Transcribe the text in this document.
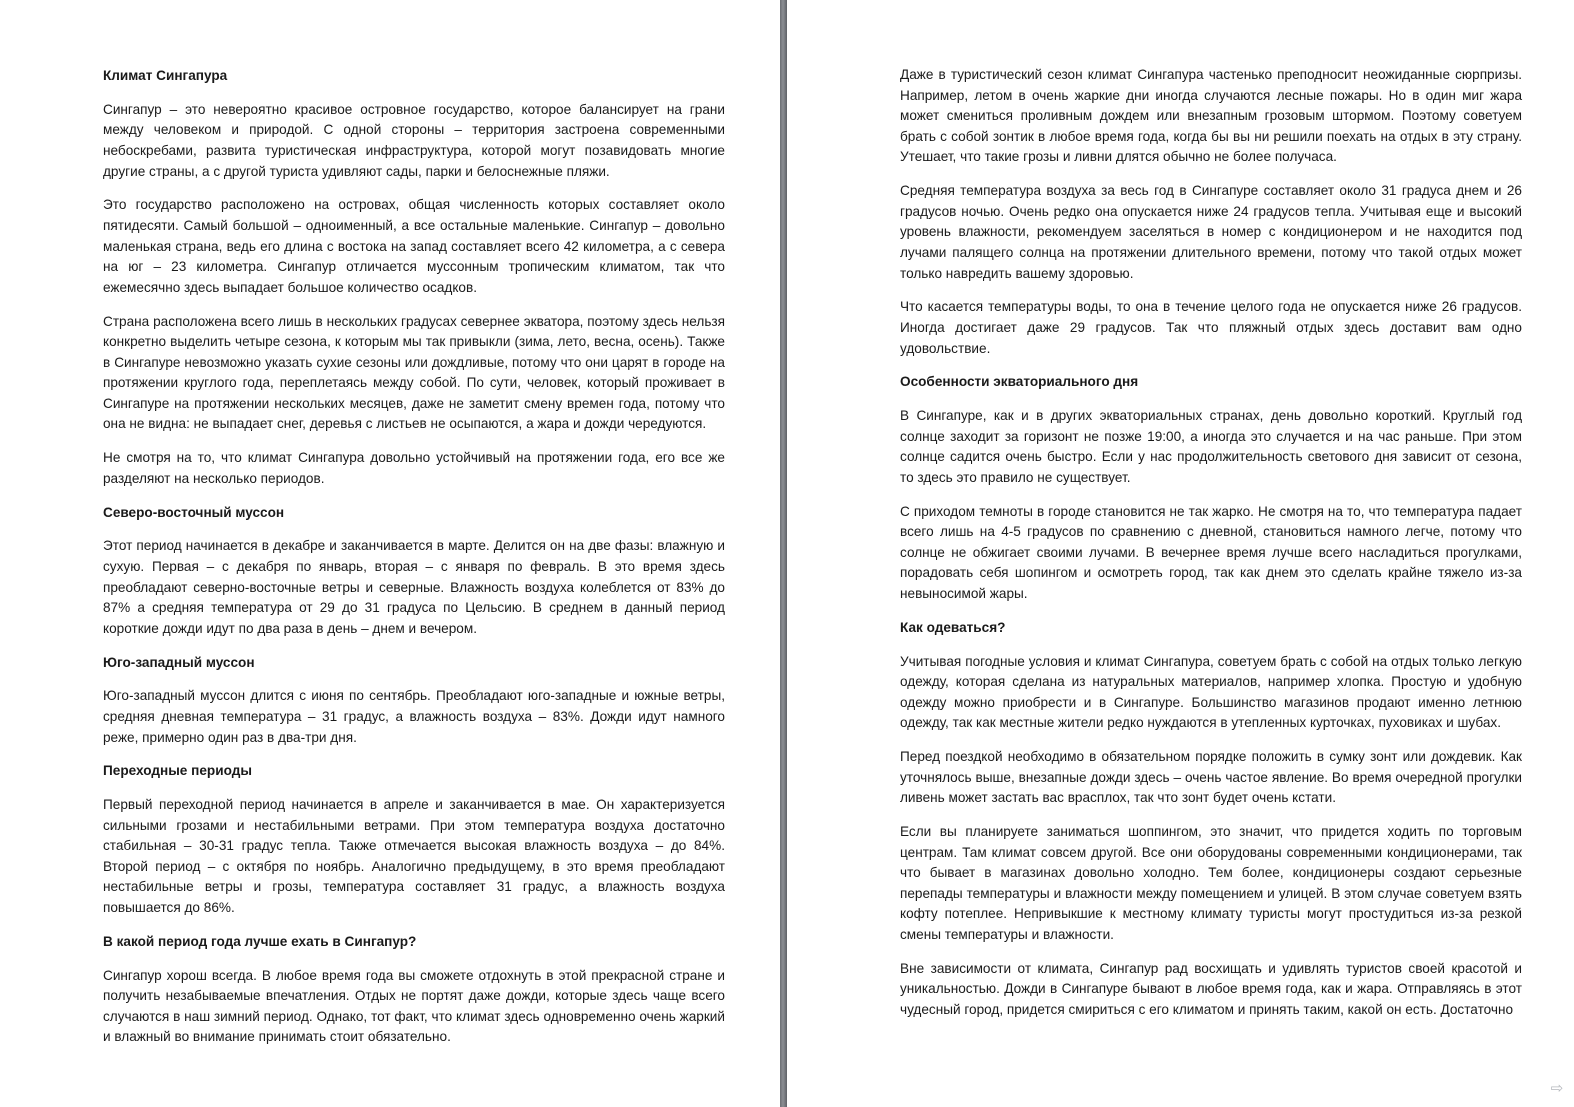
Климат Сингапура

Сингапур – это невероятно красивое островное государство, которое балансирует на грани между человеком и природой. С одной стороны – территория застроена современными небоскребами, развита туристическая инфраструктура, которой могут позавидовать многие другие страны, а с другой туриста удивляют сады, парки и белоснежные пляжи.

Это государство расположено на островах, общая численность которых составляет около пятидесяти. Самый большой – одноименный, а все остальные маленькие. Сингапур – довольно маленькая страна, ведь его длина с востока на запад составляет всего 42 километра, а с севера на юг – 23 километра. Сингапур отличается муссонным тропическим климатом, так что ежемесячно здесь выпадает большое количество осадков.

Страна расположена всего лишь в нескольких градусах севернее экватора, поэтому здесь нельзя конкретно выделить четыре сезона, к которым мы так привыкли (зима, лето, весна, осень). Также в Сингапуре невозможно указать сухие сезоны или дождливые, потому что они царят в городе на протяжении круглого года, переплетаясь между собой. По сути, человек, который проживает в Сингапуре на протяжении нескольких месяцев, даже не заметит смену времен года, потому что она не видна: не выпадает снег, деревья с листьев не осыпаются, а жара и дожди чередуются.

Не смотря на то, что климат Сингапура довольно устойчивый на протяжении года, его все же разделяют на несколько периодов.

Северо-восточный муссон

Этот период начинается в декабре и заканчивается в марте. Делится он на две фазы: влажную и сухую. Первая – с декабря по январь, вторая – с января по февраль. В это время здесь преобладают северно-восточные ветры и северные. Влажность воздуха колеблется от 83% до 87% а средняя температура от 29 до 31 градуса по Цельсию. В среднем в данный период короткие дожди идут по два раза в день – днем и вечером.

Юго-западный муссон

Юго-западный муссон длится с июня по сентябрь. Преобладают юго-западные и южные ветры, средняя дневная температура – 31 градус, а влажность воздуха – 83%. Дожди идут намного реже, примерно один раз в два-три дня.

Переходные периоды

Первый переходной период начинается в апреле и заканчивается в мае. Он характеризуется сильными грозами и нестабильными ветрами. При этом температура воздуха достаточно стабильная – 30-31 градус тепла. Также отмечается высокая влажность воздуха – до 84%. Второй период – с октября по ноябрь. Аналогично предыдущему, в это время преобладают нестабильные ветры и грозы, температура составляет 31 градус, а влажность воздуха повышается до 86%.

В какой период года лучше ехать в Сингапур?

Сингапур хорош всегда. В любое время года вы сможете отдохнуть в этой прекрасной стране и получить незабываемые впечатления. Отдых не портят даже дожди, которые здесь чаще всего случаются в наш зимний период. Однако, тот факт, что климат здесь одновременно очень жаркий и влажный во внимание принимать стоит обязательно.

Даже в туристический сезон климат Сингапура частенько преподносит неожиданные сюрпризы. Например, летом в очень жаркие дни иногда случаются лесные пожары. Но в один миг жара может смениться проливным дождем или внезапным грозовым штормом. Поэтому советуем брать с собой зонтик в любое время года, когда бы вы ни решили поехать на отдых в эту страну. Утешает, что такие грозы и ливни длятся обычно не более получаса.

Средняя температура воздуха за весь год в Сингапуре составляет около 31 градуса днем и 26 градусов ночью. Очень редко она опускается ниже 24 градусов тепла. Учитывая еще и высокий уровень влажности, рекомендуем заселяться в номер с кондиционером и не находится под лучами палящего солнца на протяжении длительного времени, потому что такой отдых может только навредить вашему здоровью.

Что касается температуры воды, то она в течение целого года не опускается ниже 26 градусов. Иногда достигает даже 29 градусов. Так что пляжный отдых здесь доставит вам одно удовольствие.

Особенности экваториального дня

В Сингапуре, как и в других экваториальных странах, день довольно короткий. Круглый год солнце заходит за горизонт не позже 19:00, а иногда это случается и на час раньше. При этом солнце садится очень быстро. Если у нас продолжительность светового дня зависит от сезона, то здесь это правило не существует.

С приходом темноты в городе становится не так жарко. Не смотря на то, что температура падает всего лишь на 4-5 градусов по сравнению с дневной, становиться намного легче, потому что солнце не обжигает своими лучами. В вечернее время лучше всего насладиться прогулками, порадовать себя шопингом и осмотреть город, так как днем это сделать крайне тяжело из-за невыносимой жары.

Как одеваться?

Учитывая погодные условия и климат Сингапура, советуем брать с собой на отдых только легкую одежду, которая сделана из натуральных материалов, например хлопка. Простую и удобную одежду можно приобрести и в Сингапуре. Большинство магазинов продают именно летнюю одежду, так как местные жители редко нуждаются в утепленных курточках, пуховиках и шубах.

Перед поездкой необходимо в обязательном порядке положить в сумку зонт или дождевик. Как уточнялось выше, внезапные дожди здесь – очень частое явление. Во время очередной прогулки ливень может застать вас врасплох, так что зонт будет очень кстати.

Если вы планируете заниматься шоппингом, это значит, что придется ходить по торговым центрам. Там климат совсем другой. Все они оборудованы современными кондиционерами, так что бывает в магазинах довольно холодно. Тем более, кондиционеры создают серьезные перепады температуры и влажности между помещением и улицей. В этом случае советуем взять кофту потеплее. Непривыкшие к местному климату туристы могут простудиться из-за резкой смены температуры и влажности.

Вне зависимости от климата, Сингапур рад восхищать и удивлять туристов своей красотой и уникальностью. Дожди в Сингапуре бывают в любое время года, как и жара. Отправляясь в этот чудесный город, придется смириться с его климатом и принять таким, какой он есть. Достаточно

⇨
